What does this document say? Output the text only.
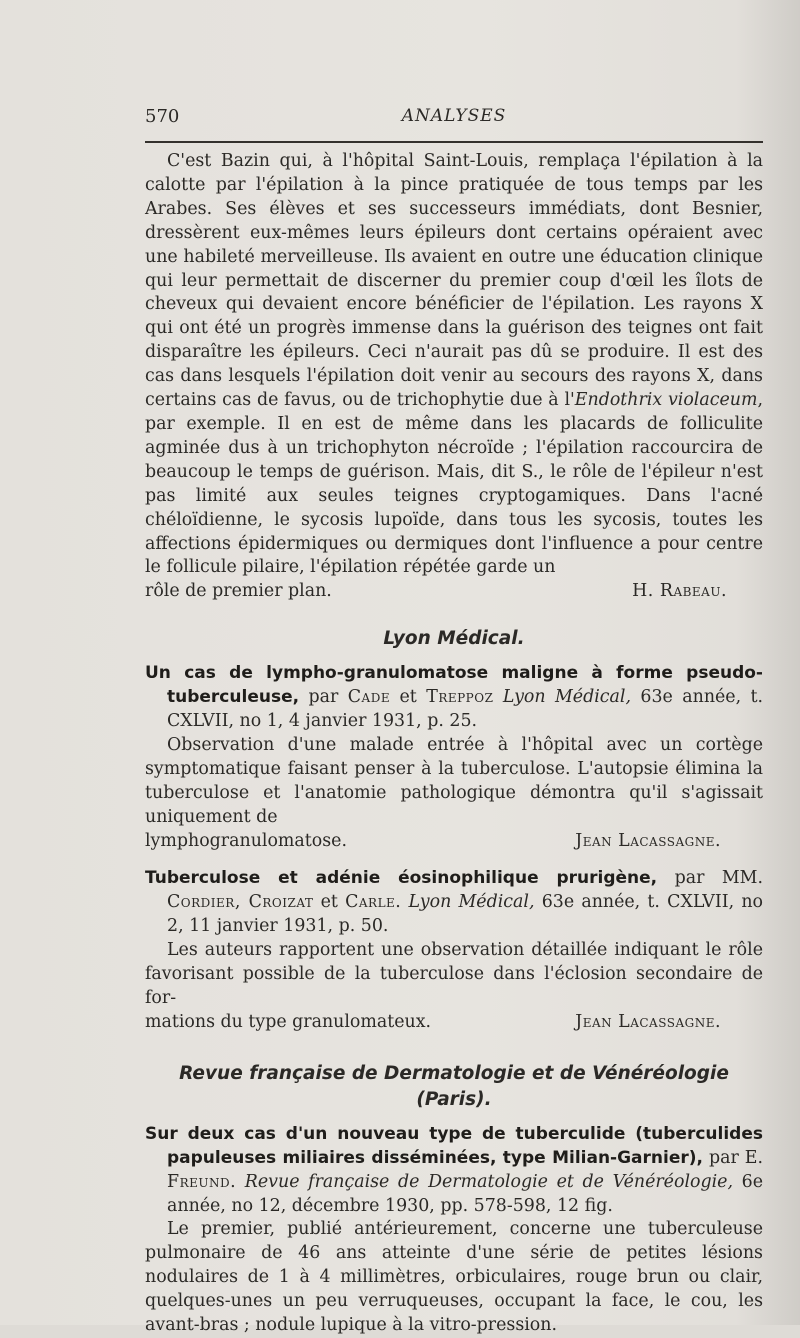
570	ANALYSES

C'est Bazin qui, à l'hôpital Saint-Louis, remplaça l'épilation à la calotte par l'épilation à la pince pratiquée de tous temps par les Arabes. Ses élèves et ses successeurs immédiats, dont Besnier, dressèrent eux-mêmes leurs épileurs dont certains opéraient avec une habileté merveilleuse. Ils avaient en outre une éducation clinique qui leur permettait de discerner du premier coup d'œil les îlots de cheveux qui devaient encore bénéficier de l'épilation. Les rayons X qui ont été un progrès immense dans la guérison des teignes ont fait disparaître les épileurs. Ceci n'aurait pas dû se produire. Il est des cas dans lesquels l'épilation doit venir au secours des rayons X, dans certains cas de favus, ou de trichophytie due à l'Endothrix violaceum, par exemple. Il en est de même dans les placards de folliculite agminée dus à un trichophyton nécroïde ; l'épilation raccourcira de beaucoup le temps de guérison. Mais, dit S., le rôle de l'épileur n'est pas limité aux seules teignes cryptogamiques. Dans l'acné chéloïdienne, le sycosis lupoïde, dans tous les sycosis, toutes les affections épidermiques ou dermiques dont l'influence a pour centre le follicule pilaire, l'épilation répétée garde un

rôle de premier plan.	H. Rabeau.

Lyon Médical.

Un cas de lympho-granulomatose maligne à forme pseudo-tuberculeuse, par Cade et Treppoz Lyon Médical, 63e année, t. CXLVII, no 1, 4 janvier 1931, p. 25.

Observation d'une malade entrée à l'hôpital avec un cortège symptomatique faisant penser à la tuberculose. L'autopsie élimina la tuberculose et l'anatomie pathologique démontra qu'il s'agissait uniquement de

lymphogranulomatose.	Jean Lacassagne.

Tuberculose et adénie éosinophilique prurigène, par MM. Cordier, Croizat et Carle. Lyon Médical, 63e année, t. CXLVII, no 2, 11 janvier 1931, p. 50.

Les auteurs rapportent une observation détaillée indiquant le rôle favorisant possible de la tuberculose dans l'éclosion secondaire de for-

mations du type granulomateux.	Jean Lacassagne.

Revue française de Dermatologie et de Vénéréologie (Paris).

Sur deux cas d'un nouveau type de tuberculide (tuberculides papuleuses miliaires disséminées, type Milian-Garnier), par E. Freund. Revue française de Dermatologie et de Vénéréologie, 6e année, no 12, décembre 1930, pp. 578-598, 12 fig.

Le premier, publié antérieurement, concerne une tuberculeuse pulmonaire de 46 ans atteinte d'une série de petites lésions nodulaires de 1 à 4 millimètres, orbiculaires, rouge brun ou clair, quelques-unes un peu verruqueuses, occupant la face, le cou, les avant-bras ; nodule lupique à la vitro-pression.
